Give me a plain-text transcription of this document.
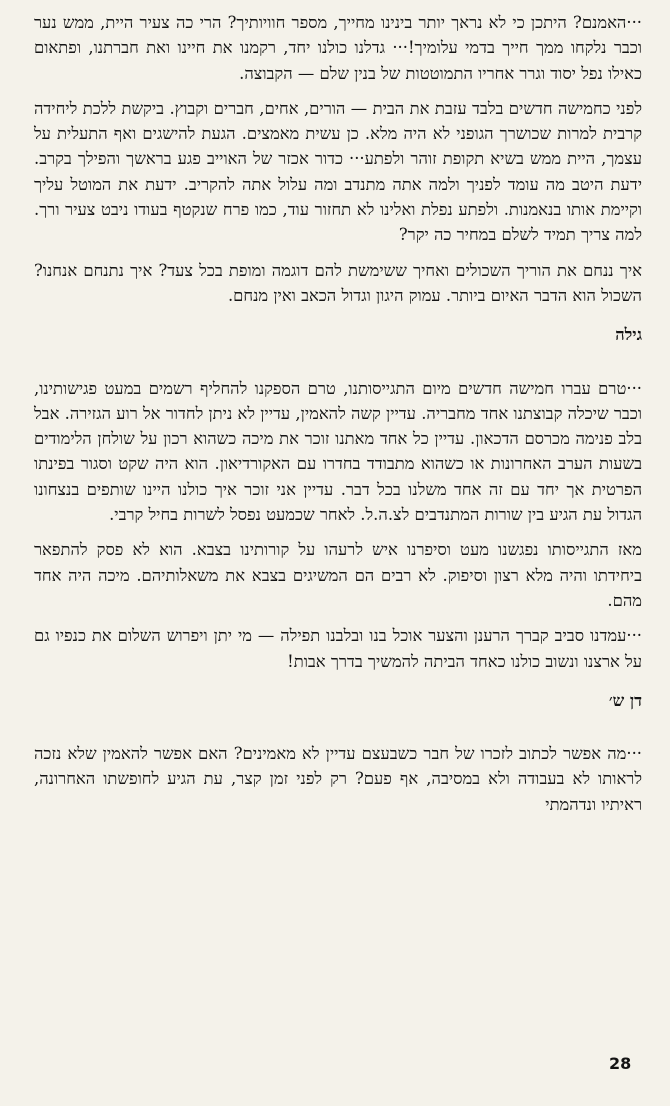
···האמנם? היתכן כי לא נראך יותר בינינו מחייך, מספר חוויותיך? הרי כה צעיר היית, ממש נער וכבר נלקחו ממך חייך בדמי עלומיך!··· גדלנו כולנו יחד, רקמנו את חיינו ואת חברתנו, ופתאום כאילו נפל יסוד וגרר אחריו התמוטטות של בנין שלם — הקבוצה.

לפני כחמישה חדשים בלבד עזבת את הבית — הורים, אחים, חברים וקבוץ. ביקשת ללכת ליחידה קרבית למרות שכושרך הגופני לא היה מלא. כן עשית מאמצים. הגעת להישגים ואף התעלית על עצמך, היית ממש בשיא תקופת זוהר ולפתע··· כדור אכזר של האוייב פגע בראשך והפילך בקרב. ידעת היטב מה עומד לפניך ולמה אתה מתנדב ומה עלול אתה להקריב. ידעת את המוטל עליך וקיימת אותו בנאמנות. ולפתע נפלת ואלינו לא תחזור עוד, כמו פרח שנקטף בעודו ניבט צעיר ורך. למה צריך תמיד לשלם במחיר כה יקר?

איך ננחם את הוריך השכולים ואחיך ששימשת להם דוגמה ומופת בכל צעד? איך נתנחם אנחנו? השכול הוא הדבר האיום ביותר. עמוק היגון וגדול הכאב ואין מנחם.

גילה

···טרם עברו חמישה חדשים מיום התגייסותנו, טרם הספקנו להחליף רשמים במעט פגישותינו, וכבר שיכלה קבוצתנו אחד מחבריה. עדיין קשה להאמין, עדיין לא ניתן לחדור אל רוע הגזירה. אבל בלב פנימה מכרסם הדכאון. עדיין כל אחד מאתנו זוכר את מיכה כשהוא רכון על שולחן הלימודים בשעות הערב האחרונות או כשהוא מתבודד בחדרו עם האקורדיאון. הוא היה שקט וסגור בפינתו הפרטית אך יחד עם זה אחד משלנו בכל דבר. עדיין אני זוכר איך כולנו היינו שותפים בנצחונו הגדול עת הגיע בין שורות המתנדבים לצ.ה.ל. לאחר שכמעט נפסל לשרות בחיל קרבי.

מאז התגייסותו נפגשנו מעט וסיפרנו איש לרעהו על קורותינו בצבא. הוא לא פסק להתפאר ביחידתו והיה מלא רצון וסיפוק. לא רבים הם המשיגים בצבא את משאלותיהם. מיכה היה אחד מהם.

···עמדנו סביב קברך הרענן והצער אוכל בנו ובלבנו תפילה — מי יתן ויפרוש השלום את כנפיו גם על ארצנו ונשוב כולנו כאחד הביתה להמשיך בדרך אבות!

דן ש׳

···מה אפשר לכתוב לזכרו של חבר כשבעצם עדיין לא מאמינים? האם אפשר להאמין שלא נזכה לראותו לא בעבודה ולא במסיבה, אף פעם? רק לפני זמן קצר, עת הגיע לחופשתו האחרונה, ראיתיו ונדהמתי

28
